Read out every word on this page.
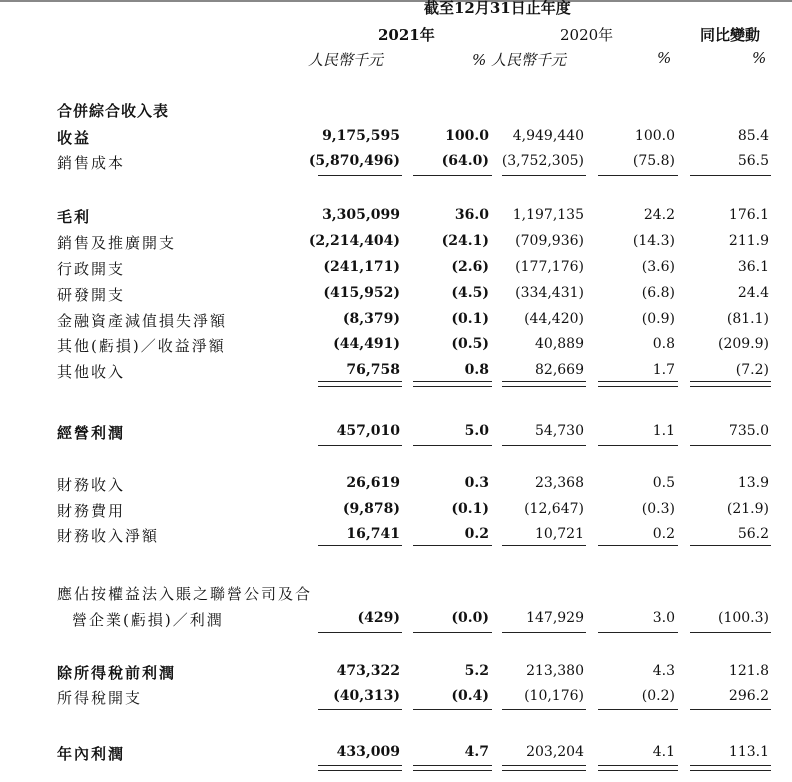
截至12月31日止年度
2021年	2020年	同比變動
人民幣千元	% 人民幣千元	%	%
合併綜合收入表
收益	9,175,595	100.0 4,949,440	100.0	85.4
銷售成本	(5,870,496)	(64.0) (3,752,305)	(75.8)	56.5
毛利	3,305,099	36.0 1,197,135	24.2	176.1
銷售及推廣開支	(2,214,404)	(24.1) (709,936)	(14.3)	211.9
行政開支	(241,171)	(2.6) (177,176)	(3.6)	36.1
研發開支	(415,952)	(4.5) (334,431)	(6.8)	24.4
金融資產減值損失淨額	(8,379)	(0.1)	(44,420)	(0.9)	(81.1)
其他(虧損)／收益淨額	(44,491)	(0.5)	40,889	0.8	(209.9)
其他收入	76,758	0.8	82,669	1.7	(7.2)
經營利潤	457,010	5.0	54,730	1.1	735.0
財務收入	26,619	0.3	23,368	0.5	13.9
財務費用	(9,878)	(0.1)	(12,647)	(0.3)	(21.9)
財務收入淨額	16,741	0.2	10,721	0.2	56.2
應佔按權益法入賬之聯營公司及合
營企業(虧損)／利潤	(429)	(0.0)	147,929	3.0	(100.3)
除所得稅前利潤	473,322	5.2	213,380	4.3	121.8
所得稅開支	(40,313)	(0.4)	(10,176)	(0.2)	296.2
年內利潤	433,009	4.7	203,204	4.1	113.1
